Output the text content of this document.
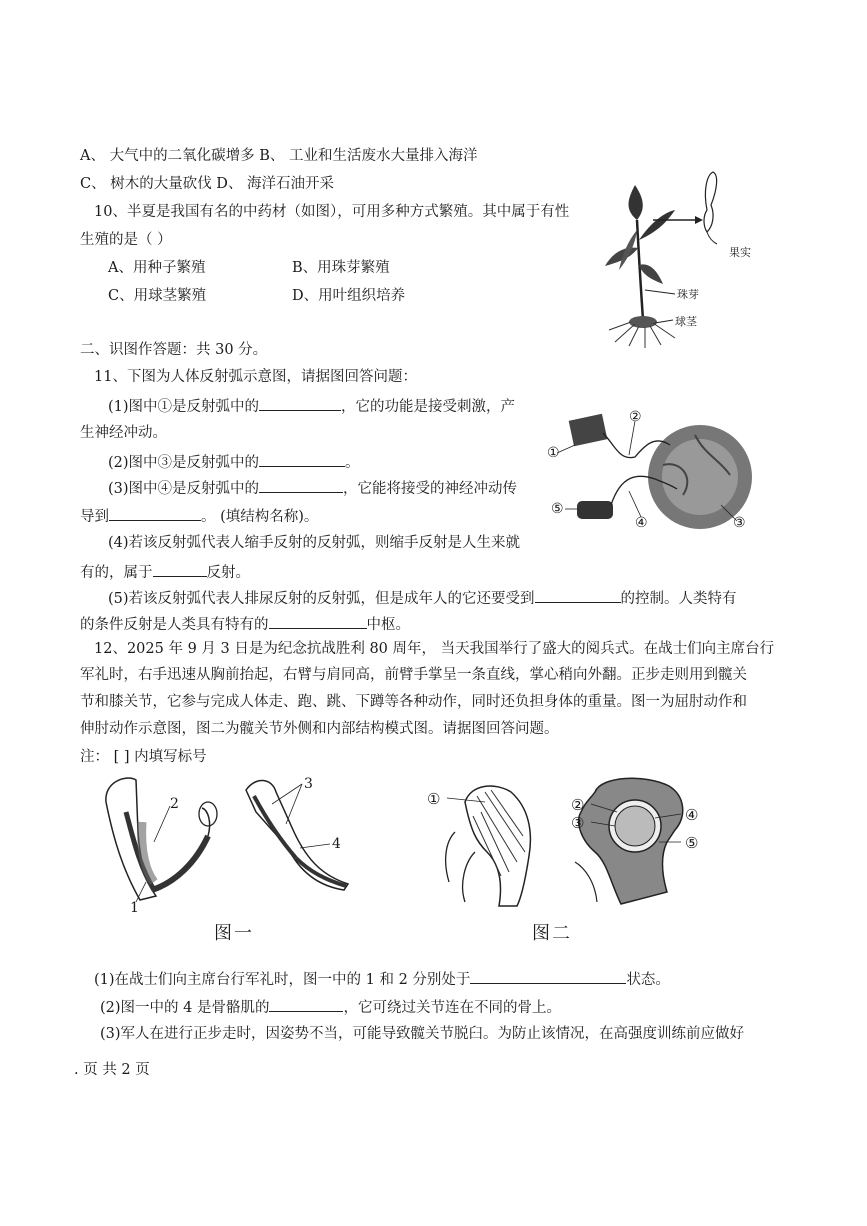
A、 大气中的二氧化碳增多 B、 工业和生活废水大量排入海洋
C、 树木的大量砍伐 D、 海洋石油开采
10、半夏是我国有名的中药材（如图），可用多种方式繁殖。其中属于有性
生殖的是（ ）
A、用种子繁殖	B、用珠芽繁殖
C、用球茎繁殖	D、用叶组织培养
果实
珠芽
球茎
二、识图作答题：共 30 分。
11、下图为人体反射弧示意图，请据图回答问题：
(1)图中①是反射弧中的	，它的功能是接受刺激，产
生神经冲动。
(2)图中③是反射弧中的	。
(3)图中④是反射弧中的	，它能将接受的神经冲动传
导到	。 (填结构名称)。
(4)若该反射弧代表人缩手反射的反射弧，则缩手反射是人生来就
有的，属于	反射。
(5)若该反射弧代表人排尿反射的反射弧，但是成年人的它还要受到	的控制。人类特有
的条件反射是人类具有特有的	中枢。
①
②
③
④
⑤
12、2025 年 9 月 3 日是为纪念抗战胜利 80 周年， 当天我国举行了盛大的阅兵式。在战士们向主席台行
军礼时，右手迅速从胸前抬起，右臂与肩同高，前臂手掌呈一条直线，掌心稍向外翻。正步走则用到髋关
节和膝关节，它参与完成人体走、跑、跳、下蹲等各种动作，同时还负担身体的重量。图一为屈肘动作和
伸肘动作示意图，图二为髋关节外侧和内部结构模式图。请据图回答问题。
注： [ ] 内填写标号
1
2
3
4
图一
①	②
③	④
⑤
图二
(1)在战士们向主席台行军礼时，图一中的 1 和 2 分别处于	状态。
(2)图一中的 4 是骨骼肌的	，它可绕过关节连在不同的骨上。
(3)军人在进行正步走时，因姿势不当，可能导致髋关节脱臼。为防止该情况，在高强度训练前应做好
. 页 共 2 页
